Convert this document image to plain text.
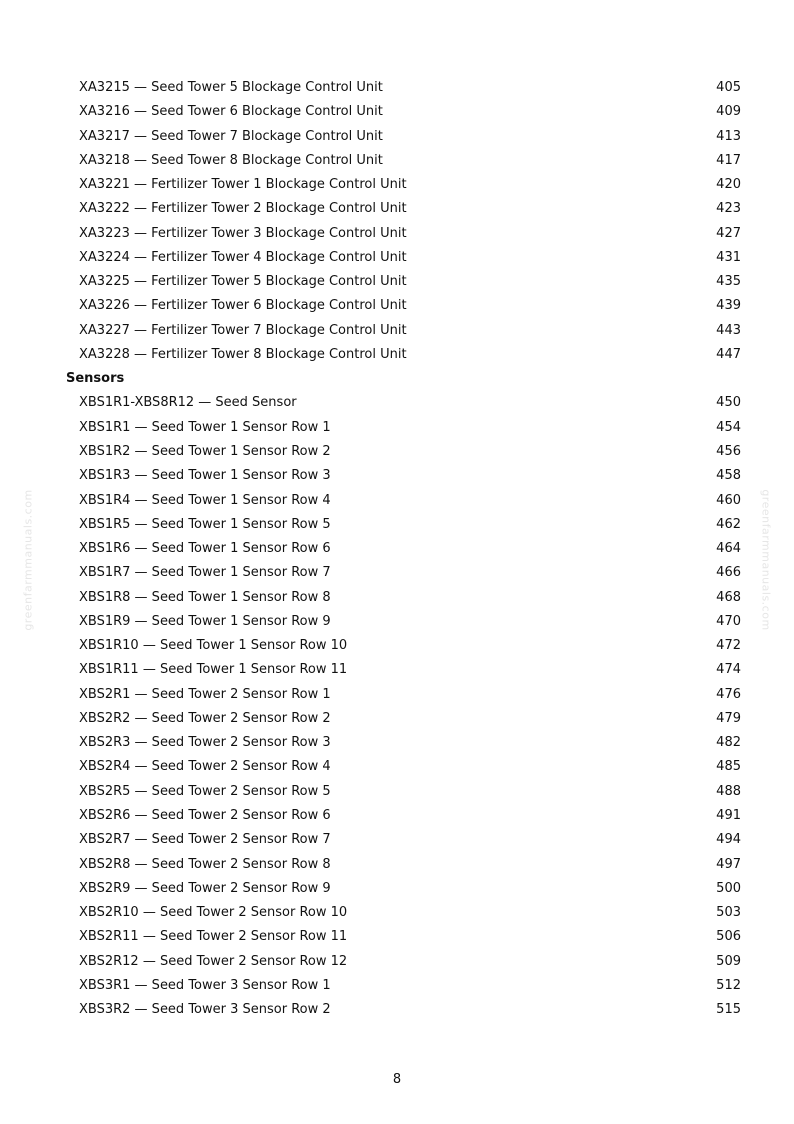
XA3215 — Seed Tower 5 Blockage Control Unit	405
XA3216 — Seed Tower 6 Blockage Control Unit	409
XA3217 — Seed Tower 7 Blockage Control Unit	413
XA3218 — Seed Tower 8 Blockage Control Unit	417
XA3221 — Fertilizer Tower 1 Blockage Control Unit	420
XA3222 — Fertilizer Tower 2 Blockage Control Unit	423
XA3223 — Fertilizer Tower 3 Blockage Control Unit	427
XA3224 — Fertilizer Tower 4 Blockage Control Unit	431
XA3225 — Fertilizer Tower 5 Blockage Control Unit	435
XA3226 — Fertilizer Tower 6 Blockage Control Unit	439
XA3227 — Fertilizer Tower 7 Blockage Control Unit	443
XA3228 — Fertilizer Tower 8 Blockage Control Unit	447
Sensors
XBS1R1-XBS8R12 — Seed Sensor	450
XBS1R1 — Seed Tower 1 Sensor Row 1	454
XBS1R2 — Seed Tower 1 Sensor Row 2	456
XBS1R3 — Seed Tower 1 Sensor Row 3	458
XBS1R4 — Seed Tower 1 Sensor Row 4	460
XBS1R5 — Seed Tower 1 Sensor Row 5	462
XBS1R6 — Seed Tower 1 Sensor Row 6	464
XBS1R7 — Seed Tower 1 Sensor Row 7	466
XBS1R8 — Seed Tower 1 Sensor Row 8	468
XBS1R9 — Seed Tower 1 Sensor Row 9	470
XBS1R10 — Seed Tower 1 Sensor Row 10	472
XBS1R11 — Seed Tower 1 Sensor Row 11	474
XBS2R1 — Seed Tower 2 Sensor Row 1	476
XBS2R2 — Seed Tower 2 Sensor Row 2	479
XBS2R3 — Seed Tower 2 Sensor Row 3	482
XBS2R4 — Seed Tower 2 Sensor Row 4	485
XBS2R5 — Seed Tower 2 Sensor Row 5	488
XBS2R6 — Seed Tower 2 Sensor Row 6	491
XBS2R7 — Seed Tower 2 Sensor Row 7	494
XBS2R8 — Seed Tower 2 Sensor Row 8	497
XBS2R9 — Seed Tower 2 Sensor Row 9	500
XBS2R10 — Seed Tower 2 Sensor Row 10	503
XBS2R11 — Seed Tower 2 Sensor Row 11	506
XBS2R12 — Seed Tower 2 Sensor Row 12	509
XBS3R1 — Seed Tower 3 Sensor Row 1	512
XBS3R2 — Seed Tower 3 Sensor Row 2	515
greenfarmmanuals.com	greenfarmmanuals.com
8
